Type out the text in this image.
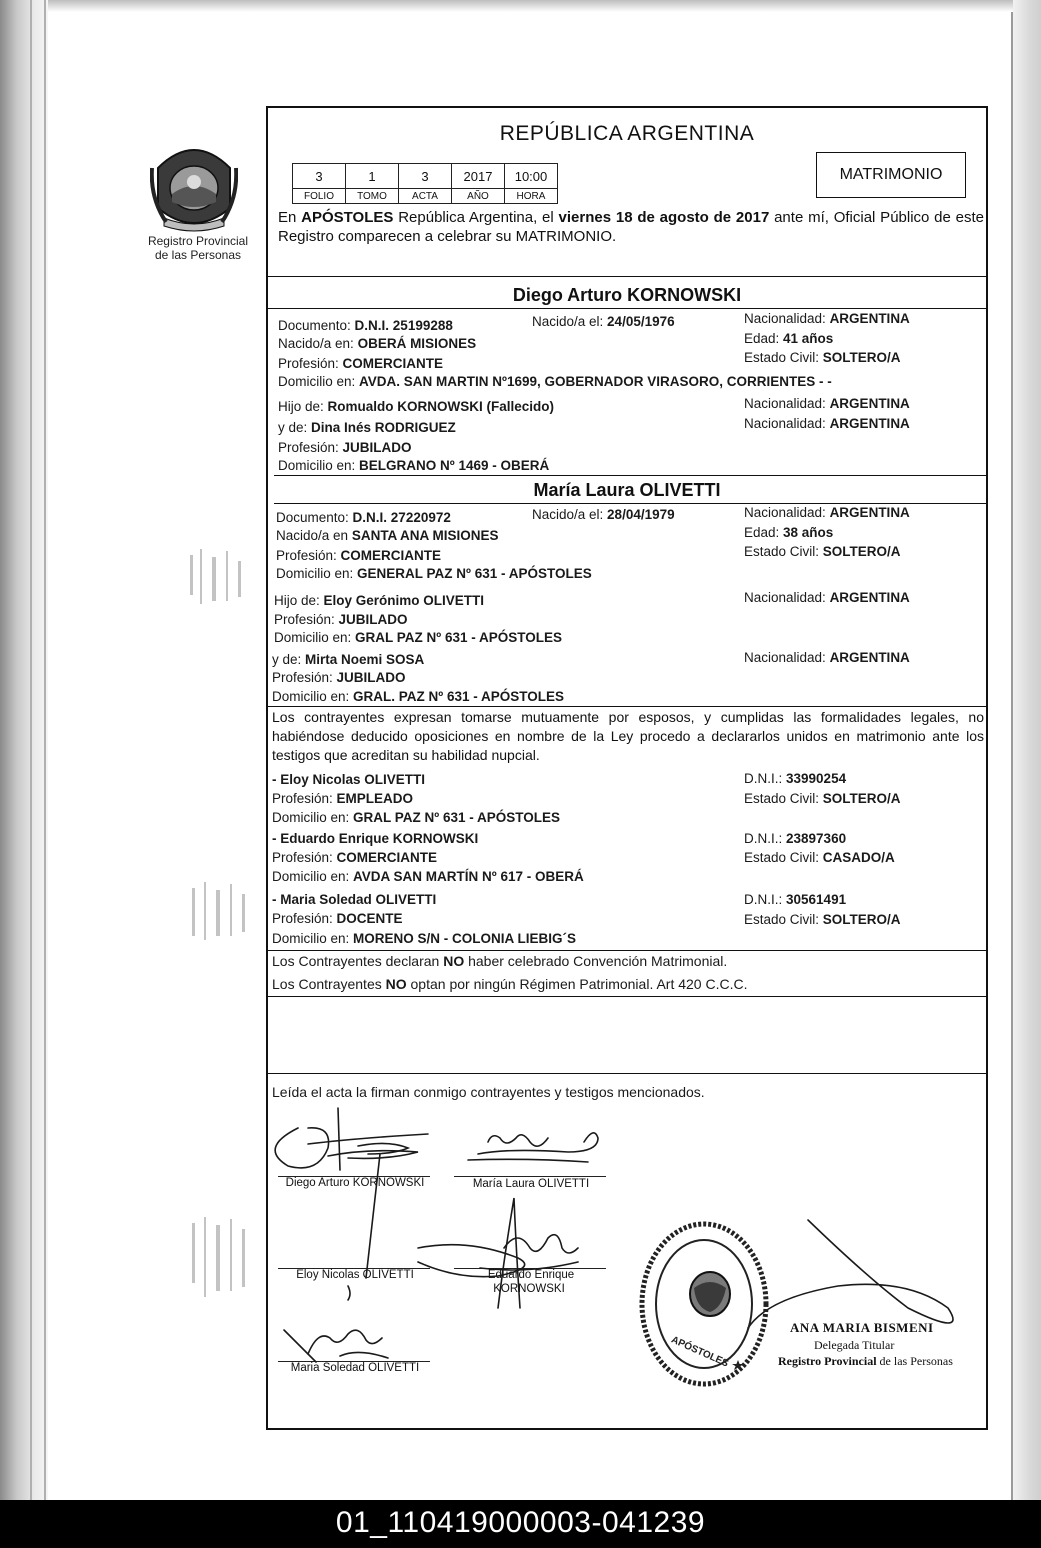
Registro Provincial de las Personas
REPÚBLICA ARGENTINA
3	1	3	2017	10:00
FOLIO	TOMO	ACTA	AÑO	HORA
MATRIMONIO
En APÓSTOLES República Argentina, el viernes 18 de agosto de 2017 ante mí, Oficial Público de este Registro comparecen a celebrar su MATRIMONIO.
Diego Arturo KORNOWSKI
Documento: D.N.I. 25199288	Nacido/a el: 24/05/1976	Nacionalidad: ARGENTINA
Nacido/a en: OBERÁ MISIONES	Edad: 41 años
Profesión: COMERCIANTE	Estado Civil: SOLTERO/A
Domicilio en: AVDA. SAN MARTIN Nº1699, GOBERNADOR VIRASORO, CORRIENTES - -
Hijo de: Romualdo KORNOWSKI (Fallecido)	Nacionalidad: ARGENTINA
y de: Dina Inés RODRIGUEZ	Nacionalidad: ARGENTINA
Profesión: JUBILADO
Domicilio en: BELGRANO Nº 1469 - OBERÁ
María Laura OLIVETTI
Documento: D.N.I. 27220972	Nacido/a el: 28/04/1979	Nacionalidad: ARGENTINA
Nacido/a en SANTA ANA MISIONES	Edad: 38 años
Profesión: COMERCIANTE	Estado Civil: SOLTERO/A
Domicilio en: GENERAL PAZ Nº 631 - APÓSTOLES
Hijo de: Eloy Gerónimo OLIVETTI	Nacionalidad: ARGENTINA
Profesión: JUBILADO
Domicilio en: GRAL PAZ Nº 631 - APÓSTOLES
y de: Mirta Noemi SOSA	Nacionalidad: ARGENTINA
Profesión: JUBILADO
Domicilio en: GRAL. PAZ Nº 631 - APÓSTOLES
Los contrayentes expresan tomarse mutuamente por esposos, y cumplidas las formalidades legales, no habiéndose deducido oposiciones en nombre de la Ley procedo a declararlos unidos en matrimonio ante los testigos que acreditan su habilidad nupcial.
- Eloy Nicolas OLIVETTI	D.N.I.: 33990254
Profesión: EMPLEADO	Estado Civil: SOLTERO/A
Domicilio en: GRAL PAZ Nº 631 - APÓSTOLES
- Eduardo Enrique KORNOWSKI	D.N.I.: 23897360
Profesión: COMERCIANTE	Estado Civil: CASADO/A
Domicilio en: AVDA SAN MARTÍN Nº 617 - OBERÁ
- Maria Soledad OLIVETTI	D.N.I.: 30561491
Profesión: DOCENTE	Estado Civil: SOLTERO/A
Domicilio en: MORENO S/N - COLONIA LIEBIG´S
Los Contrayentes declaran NO haber celebrado Convención Matrimonial.
Los Contrayentes NO optan por ningún Régimen Patrimonial. Art 420 C.C.C.
Leída el acta la firman conmigo contrayentes y testigos mencionados.
Diego Arturo KORNOWSKI	María Laura OLIVETTI
Eloy Nicolas OLIVETTI	Eduardo Enrique
KORNOWSKI
Maria Soledad OLIVETTI	APÓSTOLES
ANA MARIA BISMENI
Delegada Titular
Registro Provincial de las Personas
01_110419000003-041239
